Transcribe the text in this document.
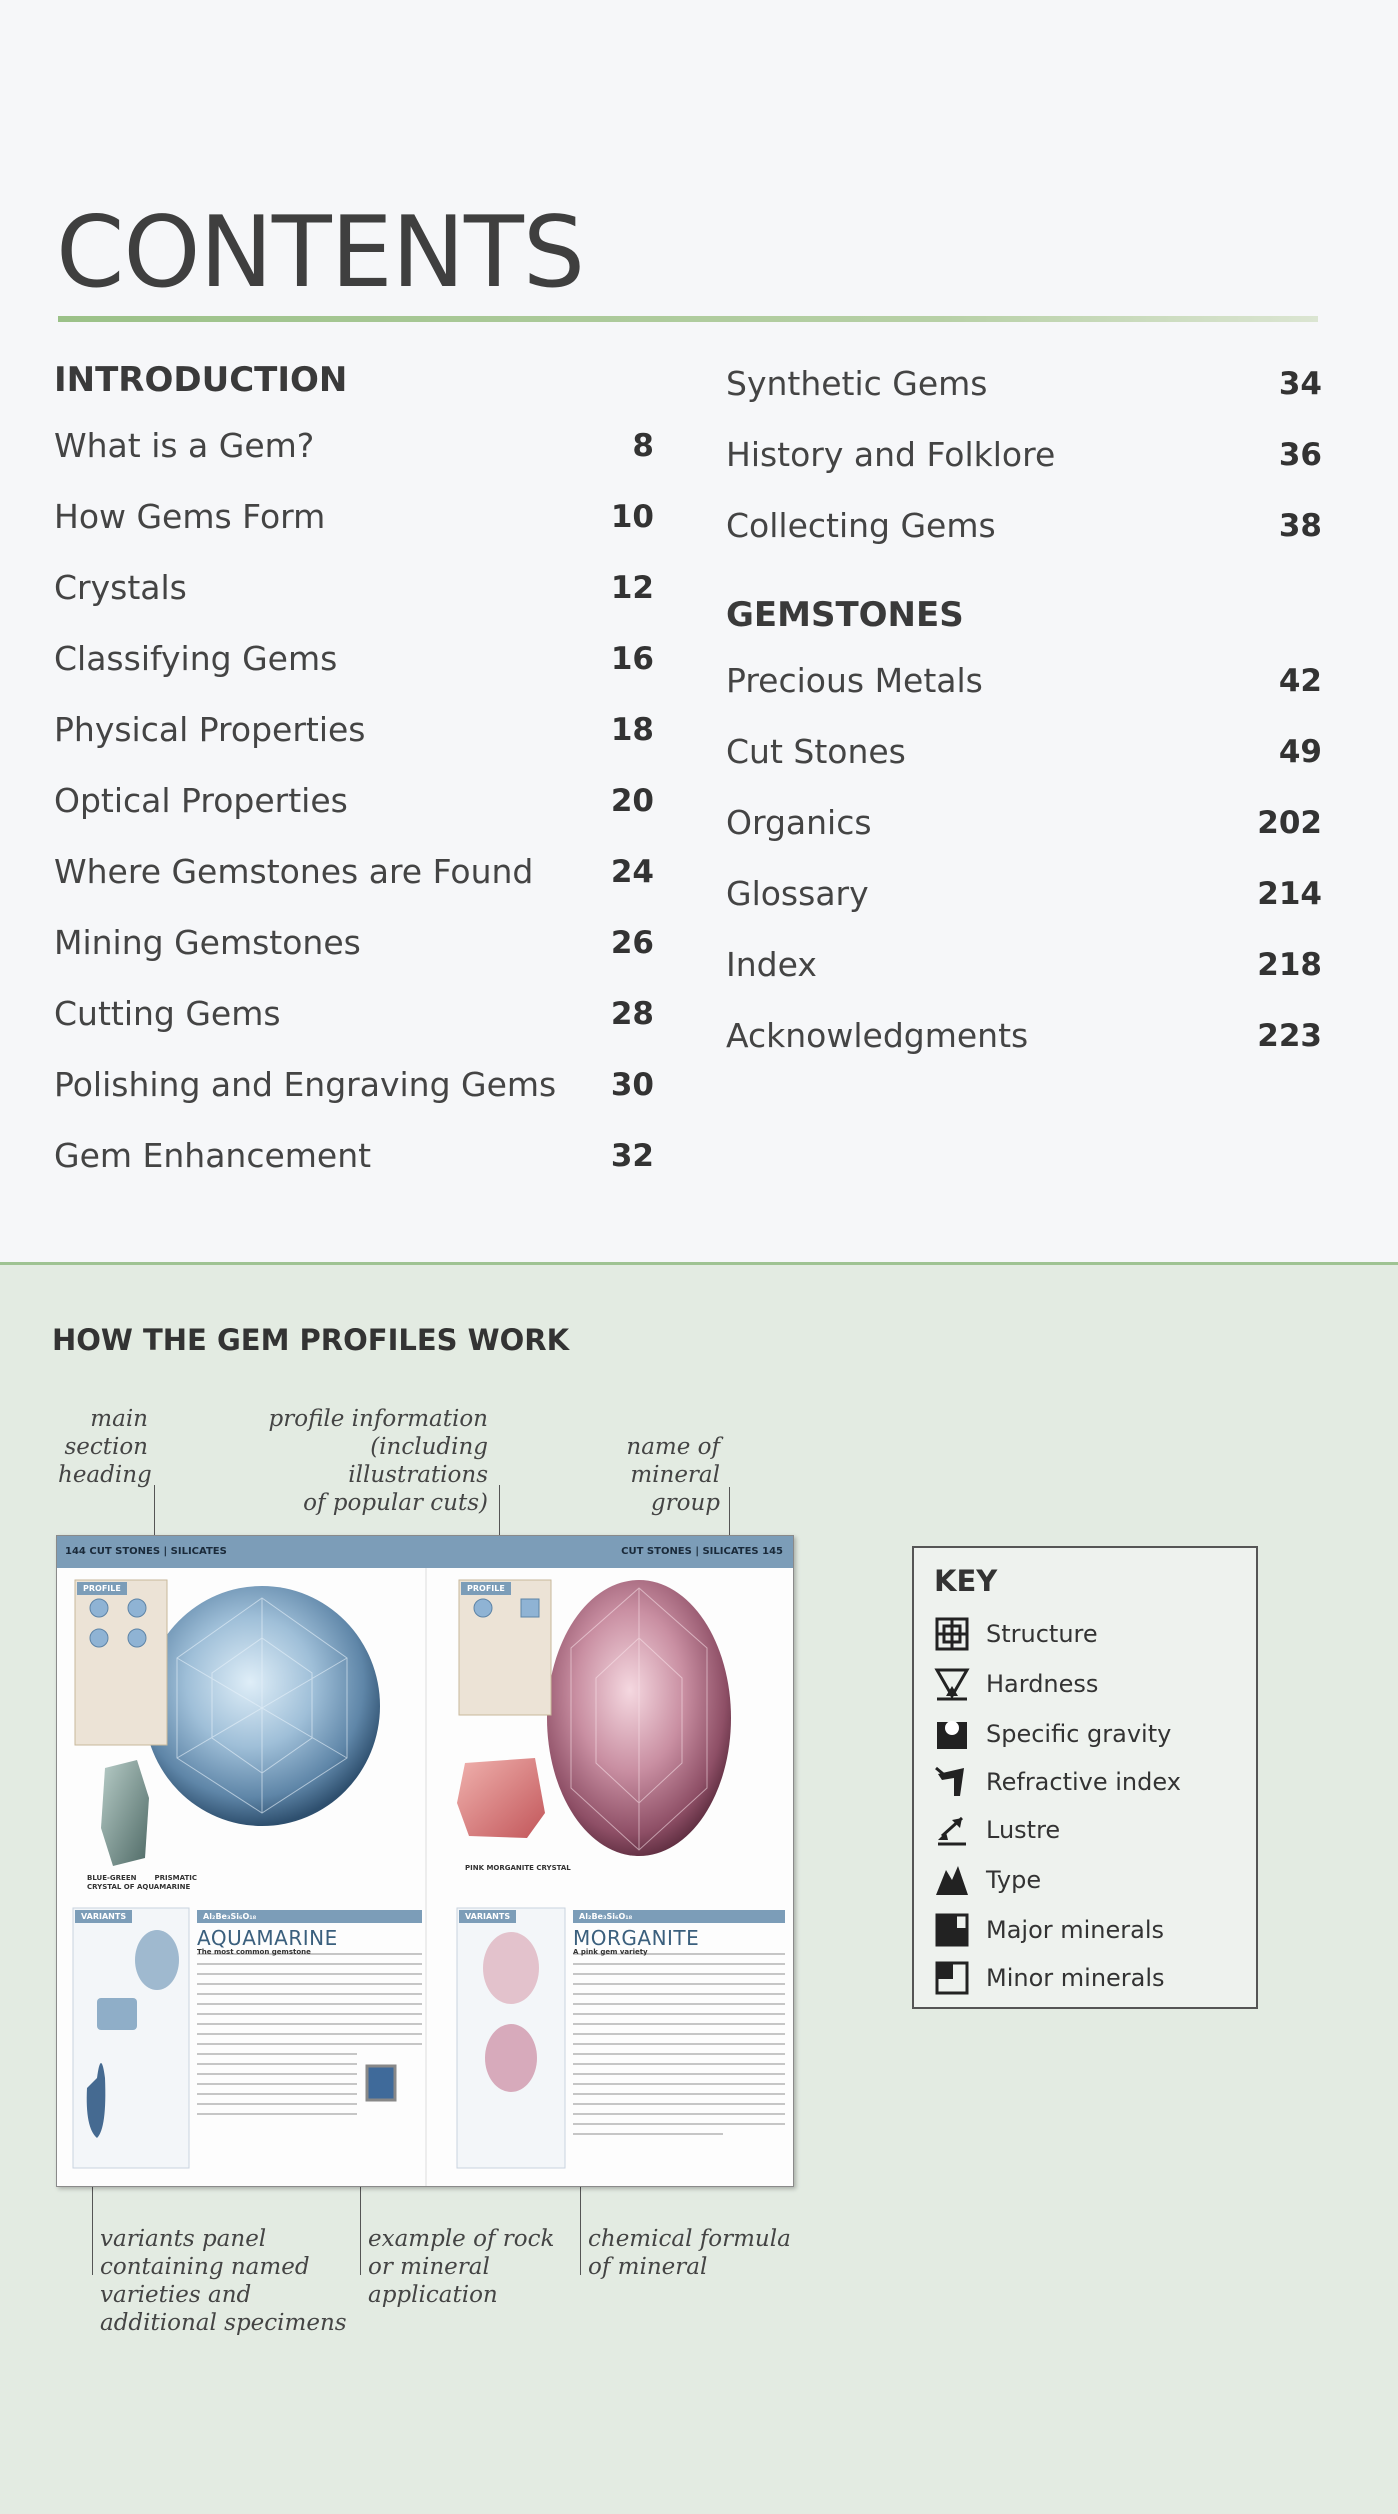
CONTENTS
INTRODUCTION
What is a Gem?	8
How Gems Form	10
Crystals	12
Classifying Gems	16
Physical Properties	18
Optical Properties	20
Where Gemstones are Found	24
Mining Gemstones	26
Cutting Gems	28
Polishing and Engraving Gems 30
Gem Enhancement	32
Synthetic Gems	34
History and Folklore	36
Collecting Gems	38
GEMSTONES
Precious Metals	42
Cut Stones	49
Organics	202
Glossary	214
Index	218
Acknowledgments	223
HOW THE GEM PROFILES WORK
main
section
heading
profile information
(including illustrations
of popular cuts)
name of
mineral group
variants panel
containing named
varieties and
additional specimens
example of rock
or mineral
application
chemical formula
of mineral
144 CUT STONES | SILICATES	CUT STONES | SILICATES 145
PROFILE	PROFILE
VARIANTS	VARIANTS
Al₂Be₃Si₆O₁₈	Al₂Be₃Si₆O₁₈
AQUAMARINE	MORGANITE
The most common gemstone	A pink gem variety
BLUE-GREEN PRISMATIC CRYSTAL OF AQUAMARINE
PINK MORGANITE CRYSTAL
KEY
Structure
Hardness
Specific gravity
Refractive index
Lustre
Type
Major minerals
Minor minerals
